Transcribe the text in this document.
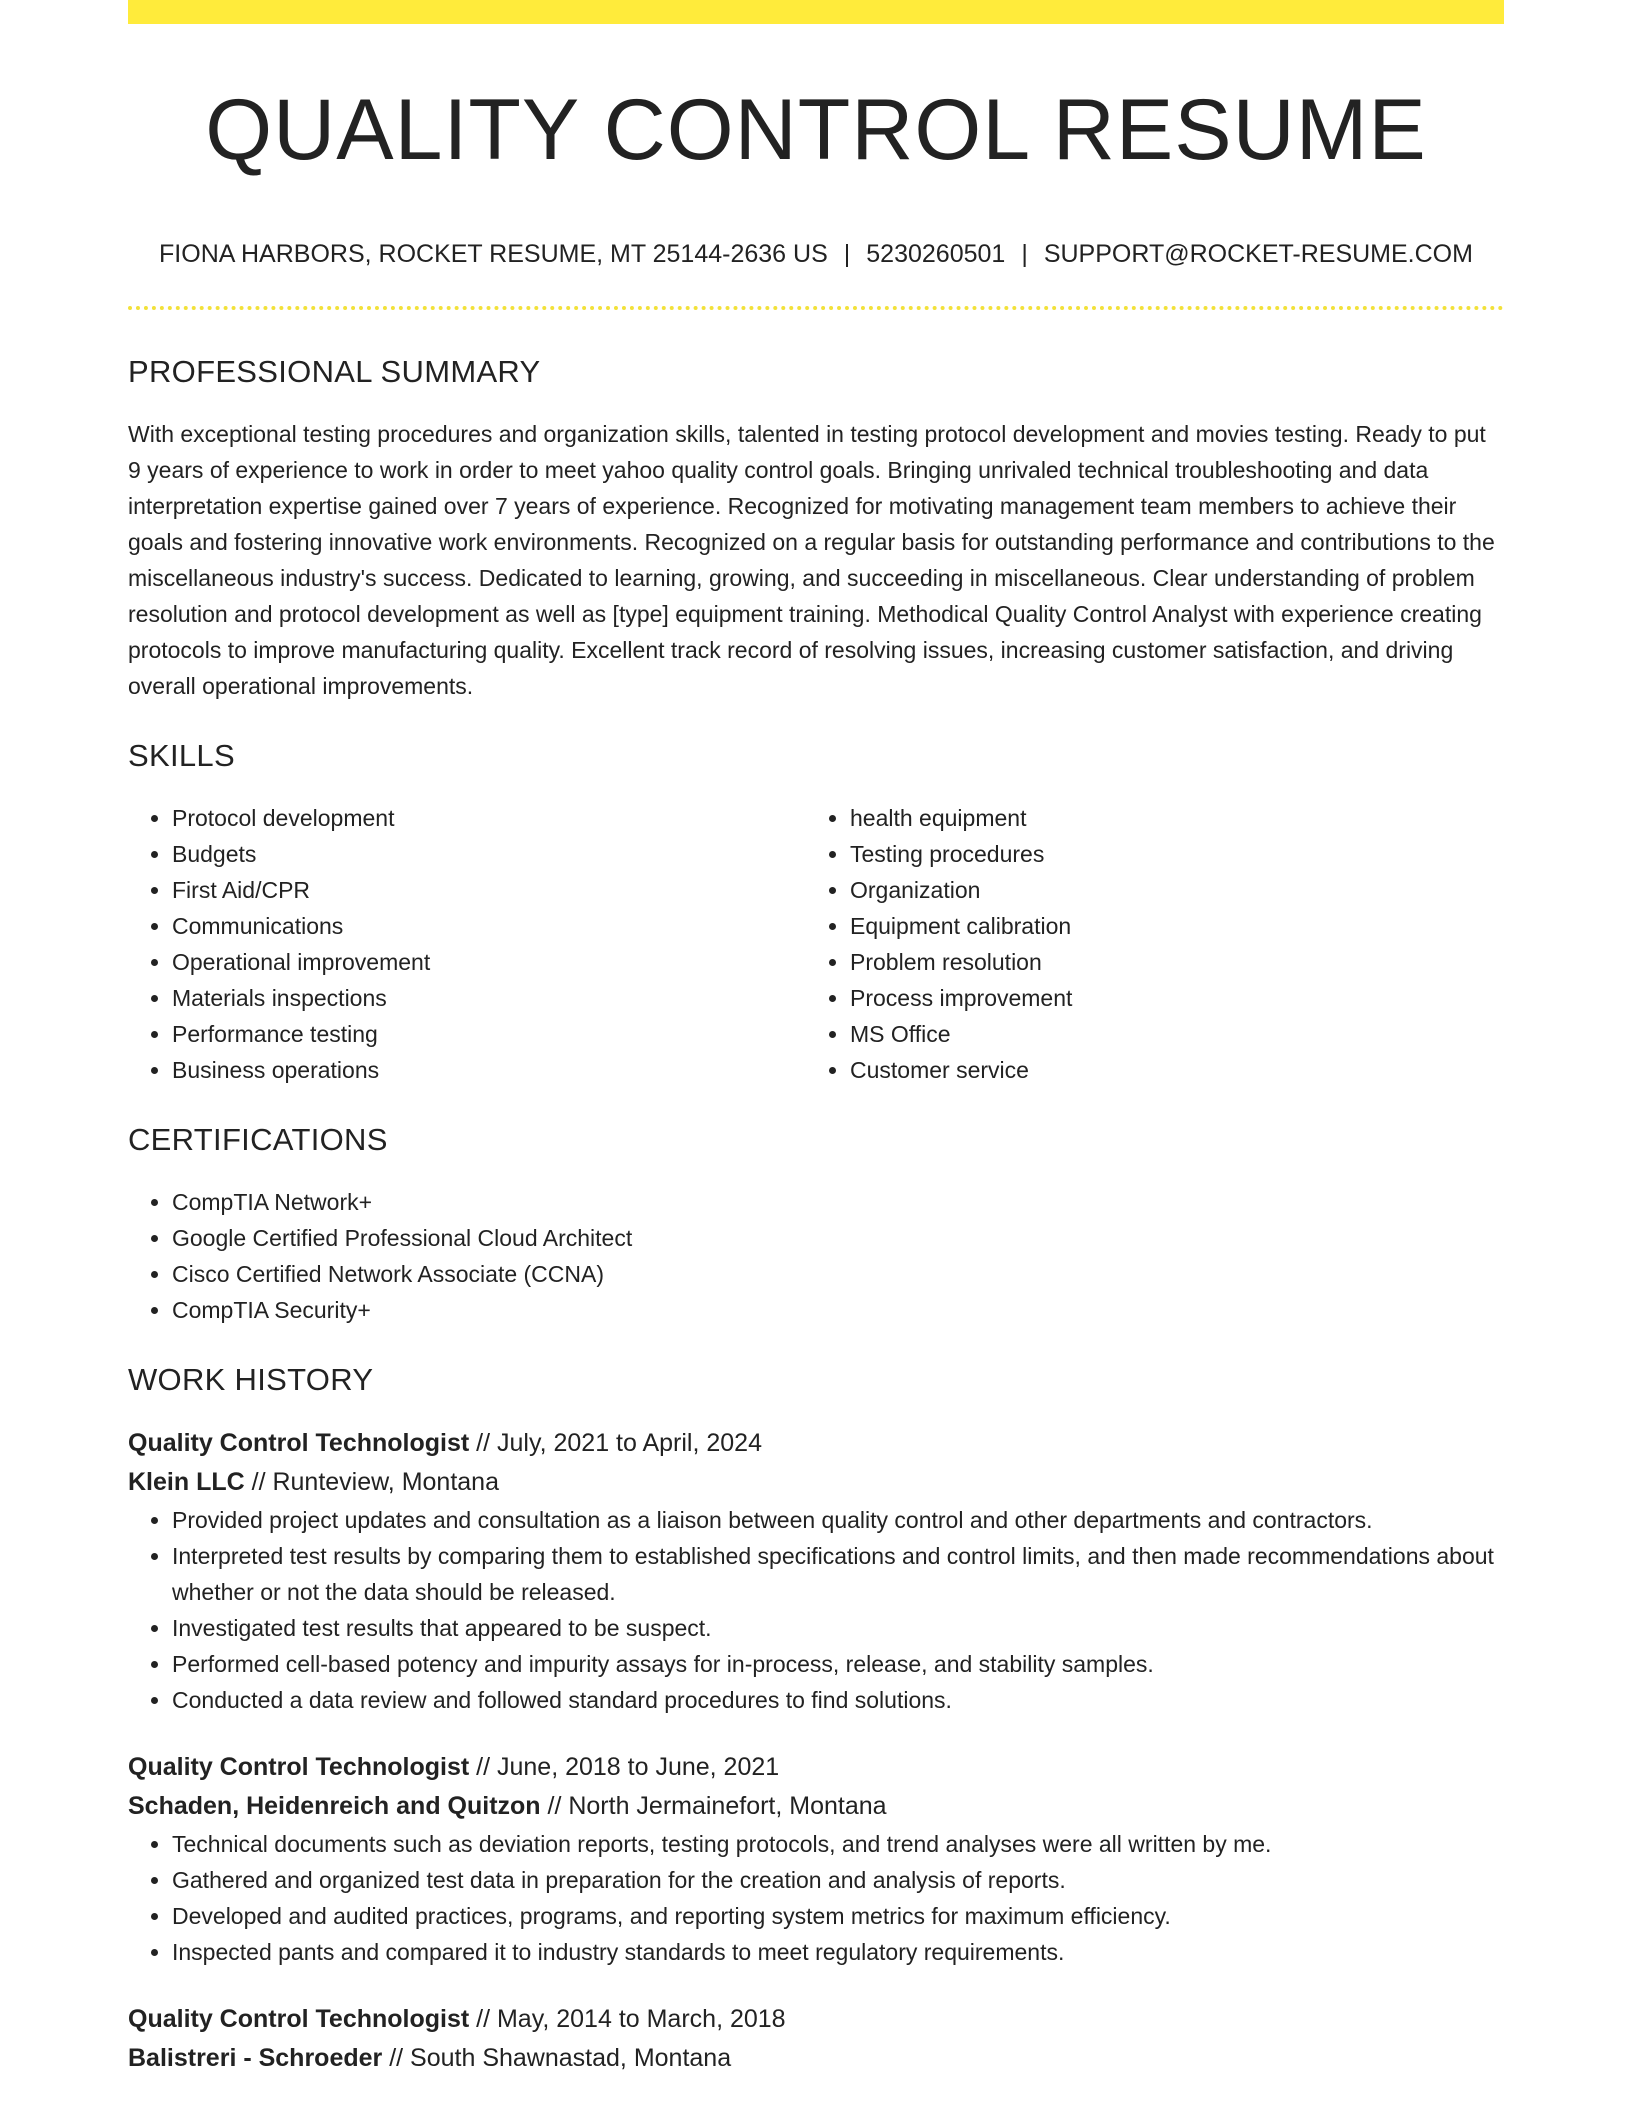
QUALITY CONTROL RESUME
FIONA HARBORS, ROCKET RESUME, MT 25144-2636 US | 5230260501 | SUPPORT@ROCKET-RESUME.COM
PROFESSIONAL SUMMARY

With exceptional testing procedures and organization skills, talented in testing protocol development and movies testing. Ready to put 9 years of experience to work in order to meet yahoo quality control goals. Bringing unrivaled technical troubleshooting and data interpretation expertise gained over 7 years of experience. Recognized for motivating management team members to achieve their goals and fostering innovative work environments. Recognized on a regular basis for outstanding performance and contributions to the miscellaneous industry's success. Dedicated to learning, growing, and succeeding in miscellaneous. Clear understanding of problem resolution and protocol development as well as [type] equipment training. Methodical Quality Control Analyst with experience creating protocols to improve manufacturing quality. Excellent track record of resolving issues, increasing customer satisfaction, and driving overall operational improvements.

SKILLS
• Protocol development
• Budgets
• First Aid/CPR
• Communications
• Operational improvement
• Materials inspections
• Performance testing
• Business operations
• health equipment
• Testing procedures
• Organization
• Equipment calibration
• Problem resolution
• Process improvement
• MS Office
• Customer service
CERTIFICATIONS
• CompTIA Network+
• Google Certified Professional Cloud Architect
• Cisco Certified Network Associate (CCNA)
• CompTIA Security+
WORK HISTORY
Quality Control Technologist // July, 2021 to April, 2024
Klein LLC // Runteview, Montana
• Provided project updates and consultation as a liaison between quality control and other departments and contractors.
• Interpreted test results by comparing them to established specifications and control limits, and then made recommendations about whether or not the data should be released.
• Investigated test results that appeared to be suspect.
• Performed cell-based potency and impurity assays for in-process, release, and stability samples.
• Conducted a data review and followed standard procedures to find solutions.
Quality Control Technologist // June, 2018 to June, 2021
Schaden, Heidenreich and Quitzon // North Jermainefort, Montana
• Technical documents such as deviation reports, testing protocols, and trend analyses were all written by me.
• Gathered and organized test data in preparation for the creation and analysis of reports.
• Developed and audited practices, programs, and reporting system metrics for maximum efficiency.
• Inspected pants and compared it to industry standards to meet regulatory requirements.
Quality Control Technologist // May, 2014 to March, 2018
Balistreri - Schroeder // South Shawnastad, Montana
